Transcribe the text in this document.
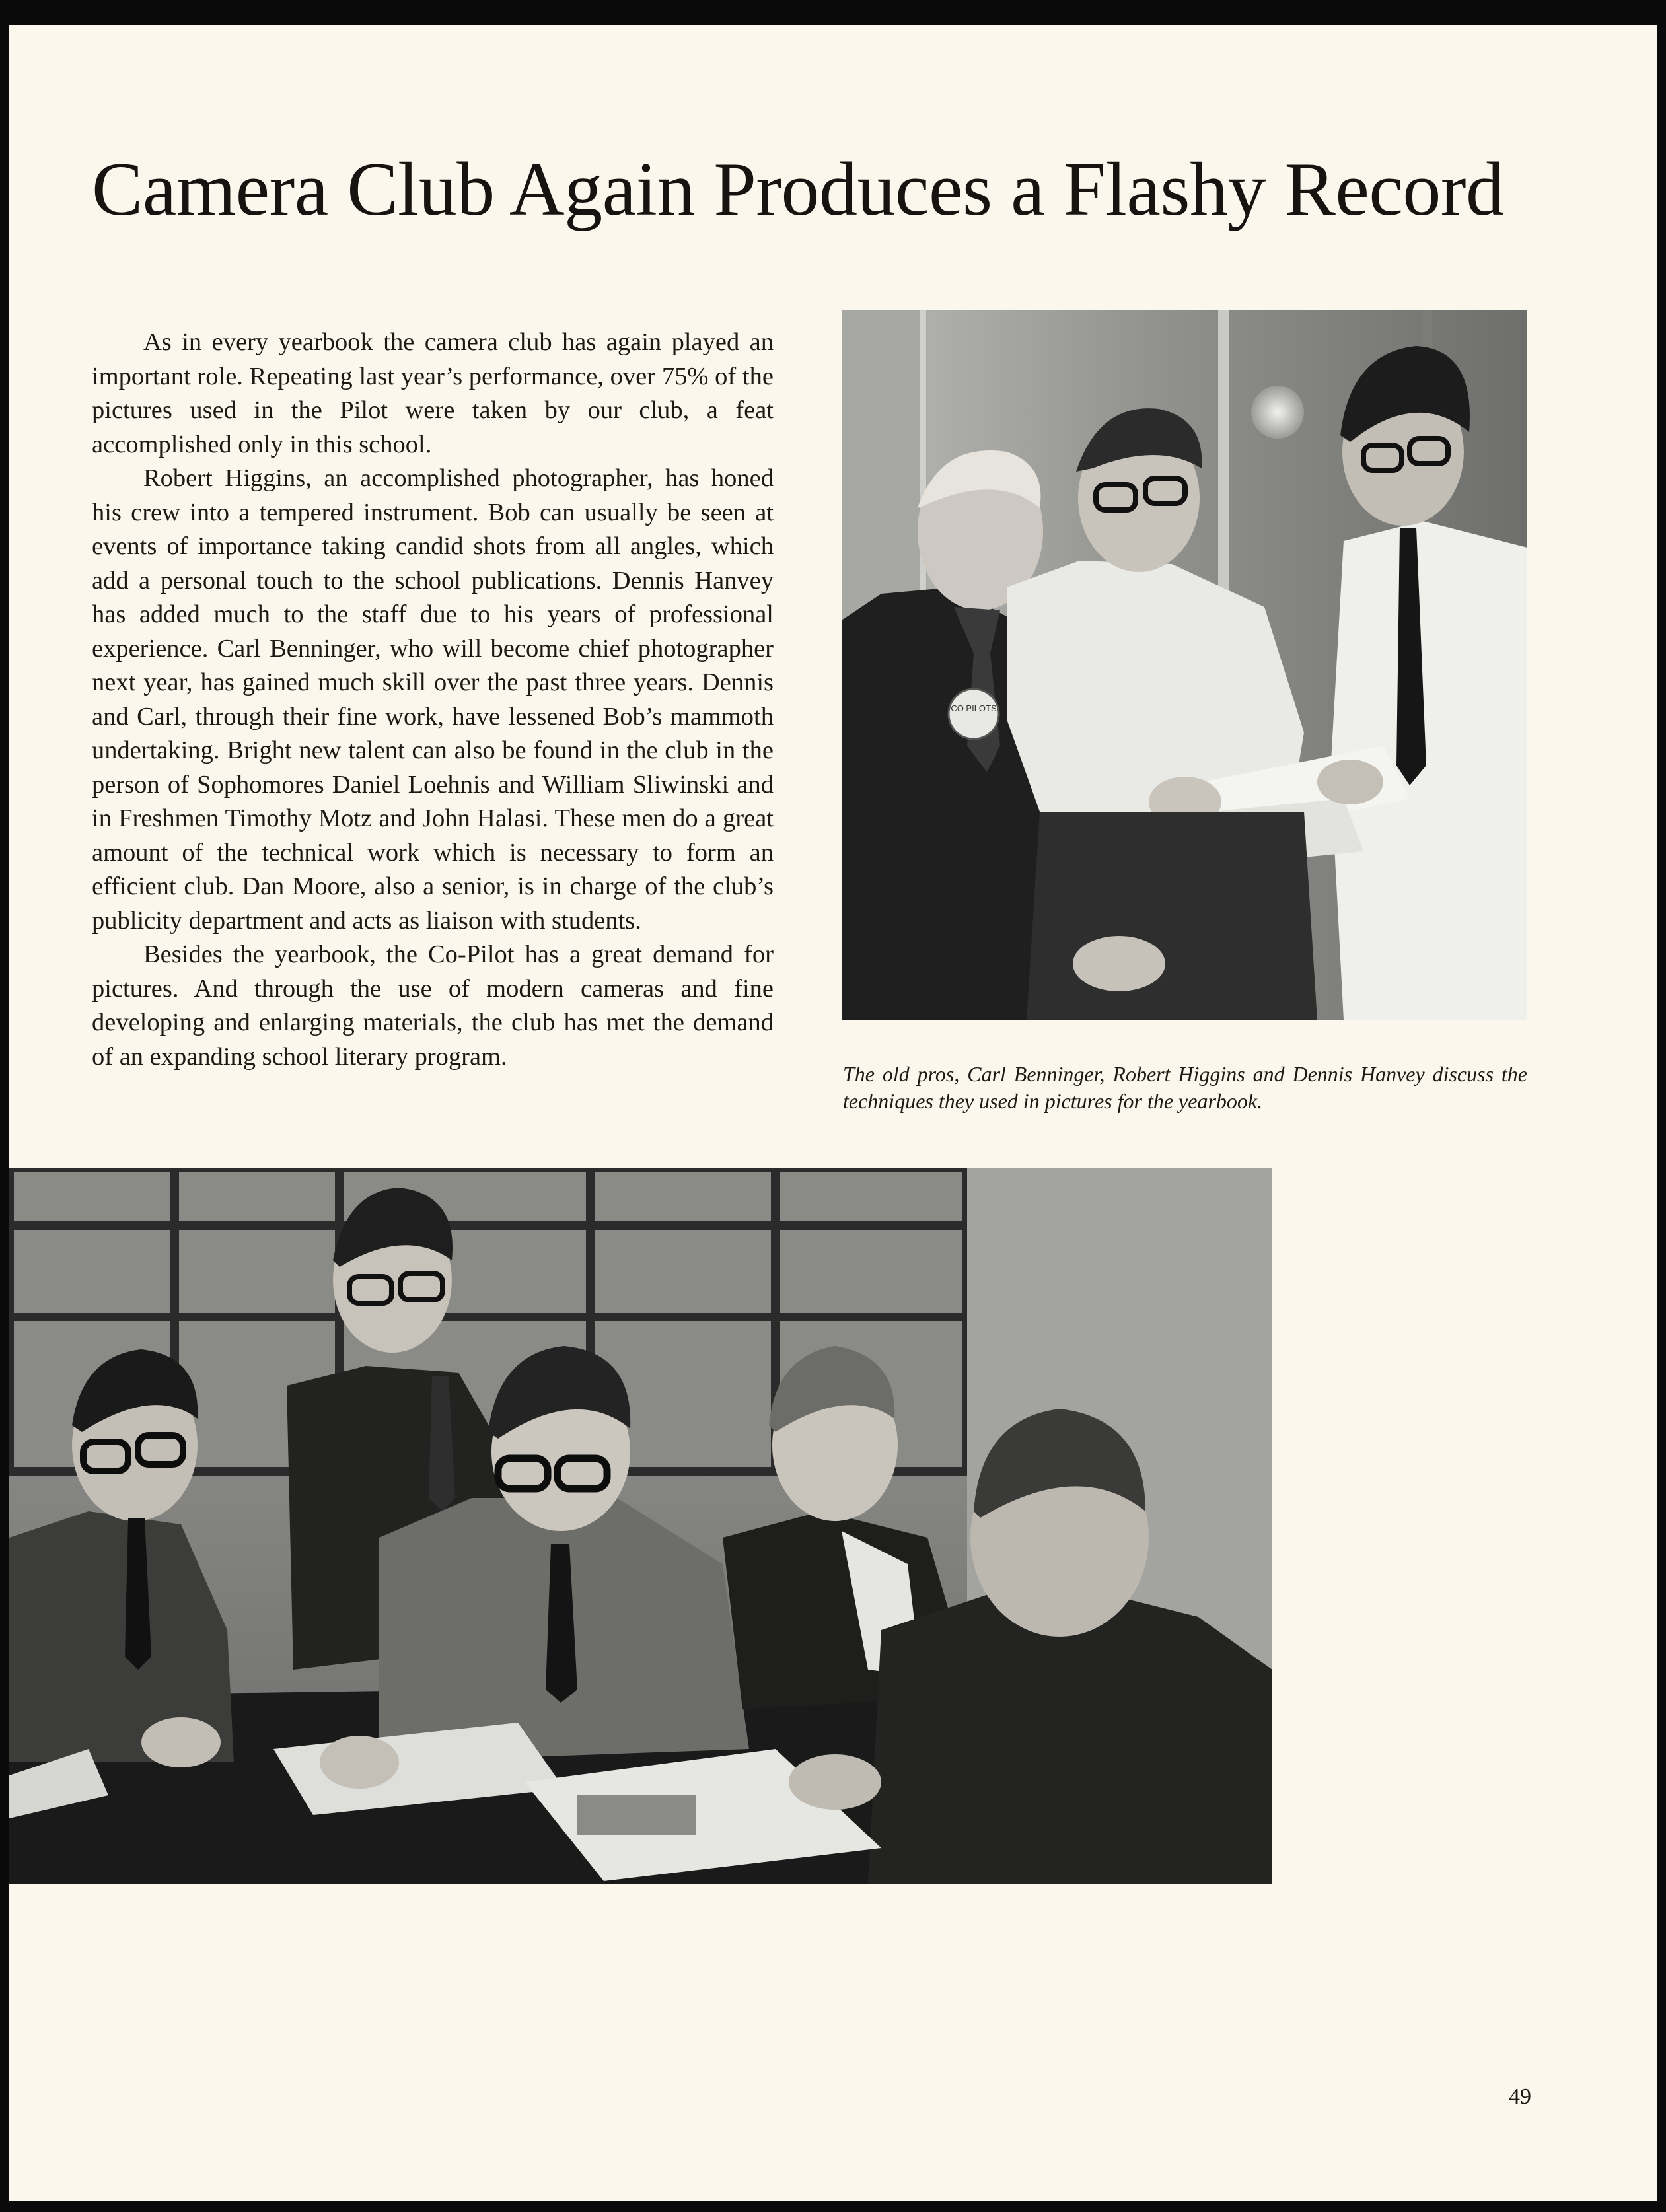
Camera Club Again Produces a Flashy Record

As in every yearbook the camera club has again played an important role. Repeating last year’s performance, over 75% of the pictures used in the Pilot were taken by our club, a feat accomplished only in this school.

Robert Higgins, an accomplished photographer, has honed his crew into a tempered instrument. Bob can usually be seen at events of importance taking candid shots from all angles, which add a personal touch to the school publications. Dennis Hanvey has added much to the staff due to his years of professional experience. Carl Benninger, who will become chief photographer next year, has gained much skill over the past three years. Dennis and Carl, through their fine work, have lessened Bob’s mammoth undertaking. Bright new talent can also be found in the club in the person of Sophomores Daniel Loehnis and William Sliwinski and in Freshmen Timothy Motz and John Halasi. These men do a great amount of the technical work which is necessary to form an efficient club. Dan Moore, also a senior, is in charge of the club’s publicity department and acts as liaison with students.

Besides the yearbook, the Co-Pilot has a great demand for pictures. And through the use of modern cameras and fine developing and enlarging materials, the club has met the demand of an expanding school literary program.

CO PILOTS
The old pros, Carl Benninger, Robert Higgins and Dennis Hanvey discuss the techniques they used in pictures for the yearbook.
49
